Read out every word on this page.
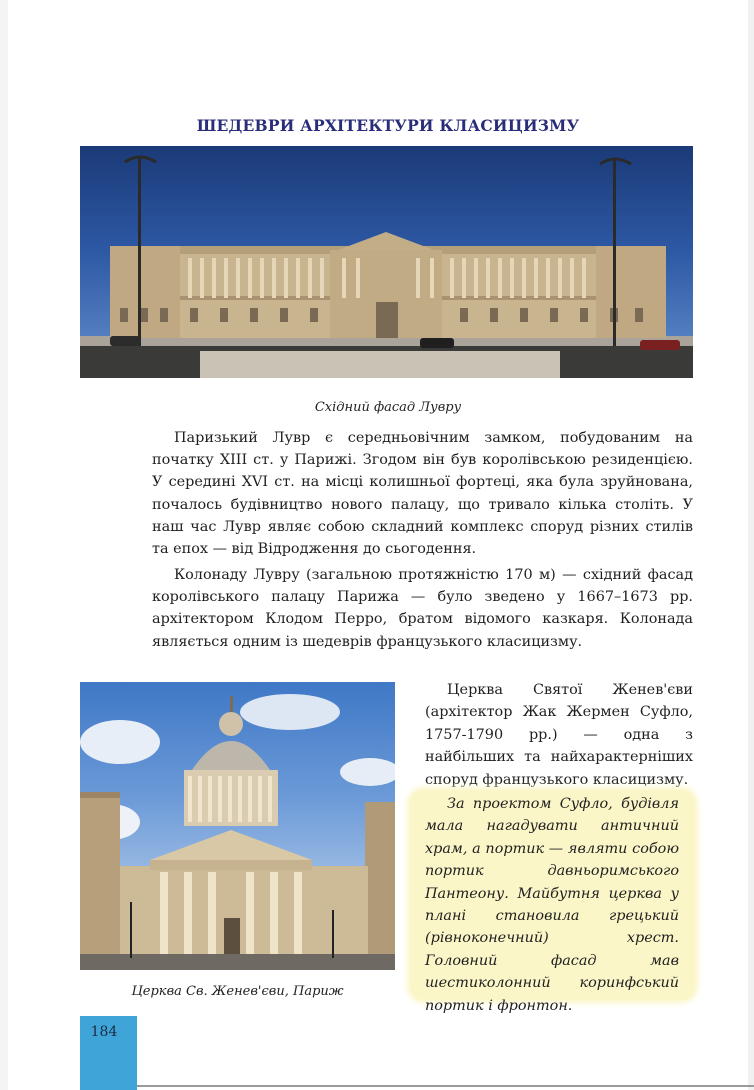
ШЕДЕВРИ АРХІТЕКТУРИ КЛАСИЦИЗМУ
Східний фасад Лувру

Паризький Лувр є середньовічним замком, побудованим на початку XIII ст. у Парижі. Згодом він був королівською резиденцією. У середині XVI ст. на місці колишньої фортеці, яка була зруйнована, почалось будівництво нового палацу, що тривало кілька століть. У наш час Лувр являє собою складний комплекс споруд різних стилів та епох — від Відродження до сьогодення.

Колонаду Лувру (загальною протяжністю 170 м) — східний фасад королівського палацу Парижа — було зведено у 1667–1673 рр. архітектором Клодом Перро, братом відомого казкаря. Колонада являється одним із шедеврів французького класицизму.

Церква Св. Женев'єви, Париж

Церква Святої Женев'єви (архітектор Жак Жермен Суфло, 1757-1790 рр.) — одна з найбільших та найхарактерніших споруд французького класицизму.

За проектом Суфло, будівля мала нагадувати античний храм, а портик — являти собою портик давньоримського Пантеону. Майбутня церква у плані становила грецький (рівноконечний) хрест. Головний фасад мав шестиколонний коринфський портик і фронтон.

184
